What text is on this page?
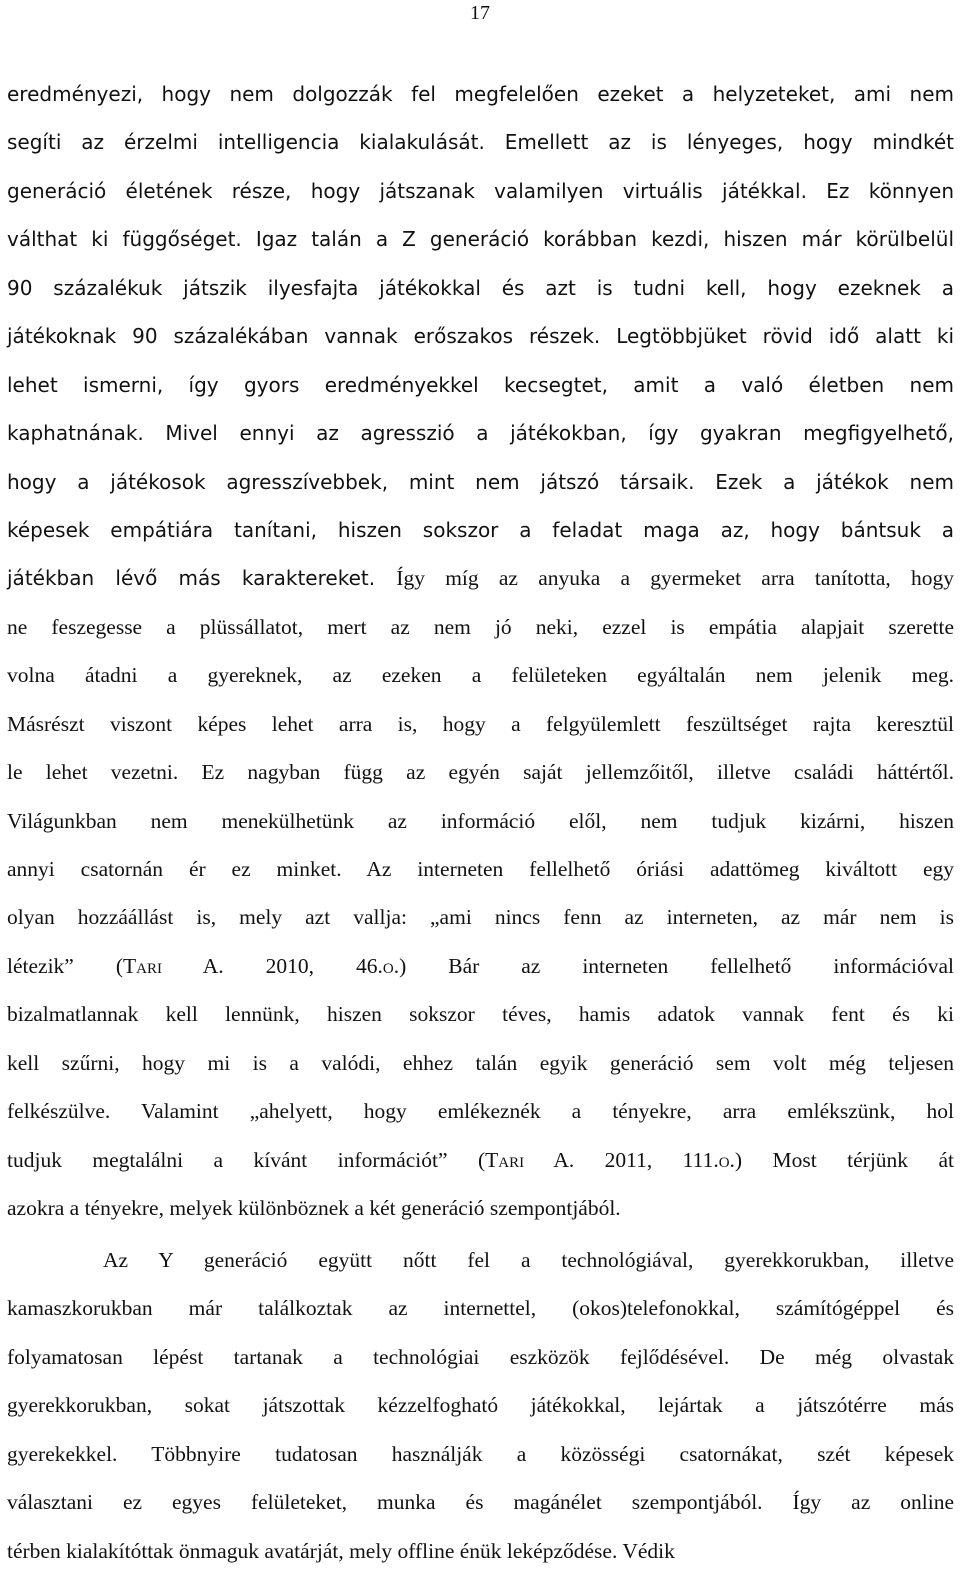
17
eredményezi, hogy nem dolgozzák fel megfelelően ezeket a helyzeteket, ami nem
segíti az érzelmi intelligencia kialakulását. Emellett az is lényeges, hogy mindkét
generáció életének része, hogy játszanak valamilyen virtuális játékkal. Ez könnyen
válthat ki függőséget. Igaz talán a Z generáció korábban kezdi, hiszen már körülbelül
90 százalékuk játszik ilyesfajta játékokkal és azt is tudni kell, hogy ezeknek a
játékoknak 90 százalékában vannak erőszakos részek. Legtöbbjüket rövid idő alatt ki
lehet ismerni, így gyors eredményekkel kecsegtet, amit a való életben nem
kaphatnának. Mivel ennyi az agresszió a játékokban, így gyakran megfigyelhető,
hogy a játékosok agresszívebbek, mint nem játszó társaik. Ezek a játékok nem
képesek empátiára tanítani, hiszen sokszor a feladat maga az, hogy bántsuk a
játékban lévő más karaktereket. Így míg az anyuka a gyermeket arra tanította, hogy
ne feszegesse a plüssállatot, mert az nem jó neki, ezzel is empátia alapjait szerette
volna átadni a gyereknek, az ezeken a felületeken egyáltalán nem jelenik meg.
Másrészt viszont képes lehet arra is, hogy a felgyülemlett feszültséget rajta keresztül
le lehet vezetni. Ez nagyban függ az egyén saját jellemzőitől, illetve családi háttértől.
Világunkban nem menekülhetünk az információ elől, nem tudjuk kizárni, hiszen
annyi csatornán ér ez minket. Az interneten fellelhető óriási adattömeg kiváltott egy
olyan hozzáállást is, mely azt vallja: „ami nincs fenn az interneten, az már nem is
létezik” (Tari A. 2010, 46.o.) Bár az interneten fellelhető információval
bizalmatlannak kell lennünk, hiszen sokszor téves, hamis adatok vannak fent és ki
kell szűrni, hogy mi is a valódi, ehhez talán egyik generáció sem volt még teljesen
felkészülve. Valamint „ahelyett, hogy emlékeznék a tényekre, arra emlékszünk, hol
tudjuk megtalálni a kívánt információt” (Tari A. 2011, 111.o.) Most térjünk át
azokra a tényekre, melyek különböznek a két generáció szempontjából.
Az Y generáció együtt nőtt fel a technológiával, gyerekkorukban, illetve
kamaszkorukban már találkoztak az internettel, (okos)telefonokkal, számítógéppel és
folyamatosan lépést tartanak a technológiai eszközök fejlődésével. De még olvastak
gyerekkorukban, sokat játszottak kézzelfogható játékokkal, lejártak a játszótérre más
gyerekekkel. Többnyire tudatosan használják a közösségi csatornákat, szét képesek
választani ez egyes felületeket, munka és magánélet szempontjából. Így az online
térben kialakítóttak önmaguk avatárját, mely offline énük leképződése. Védik
